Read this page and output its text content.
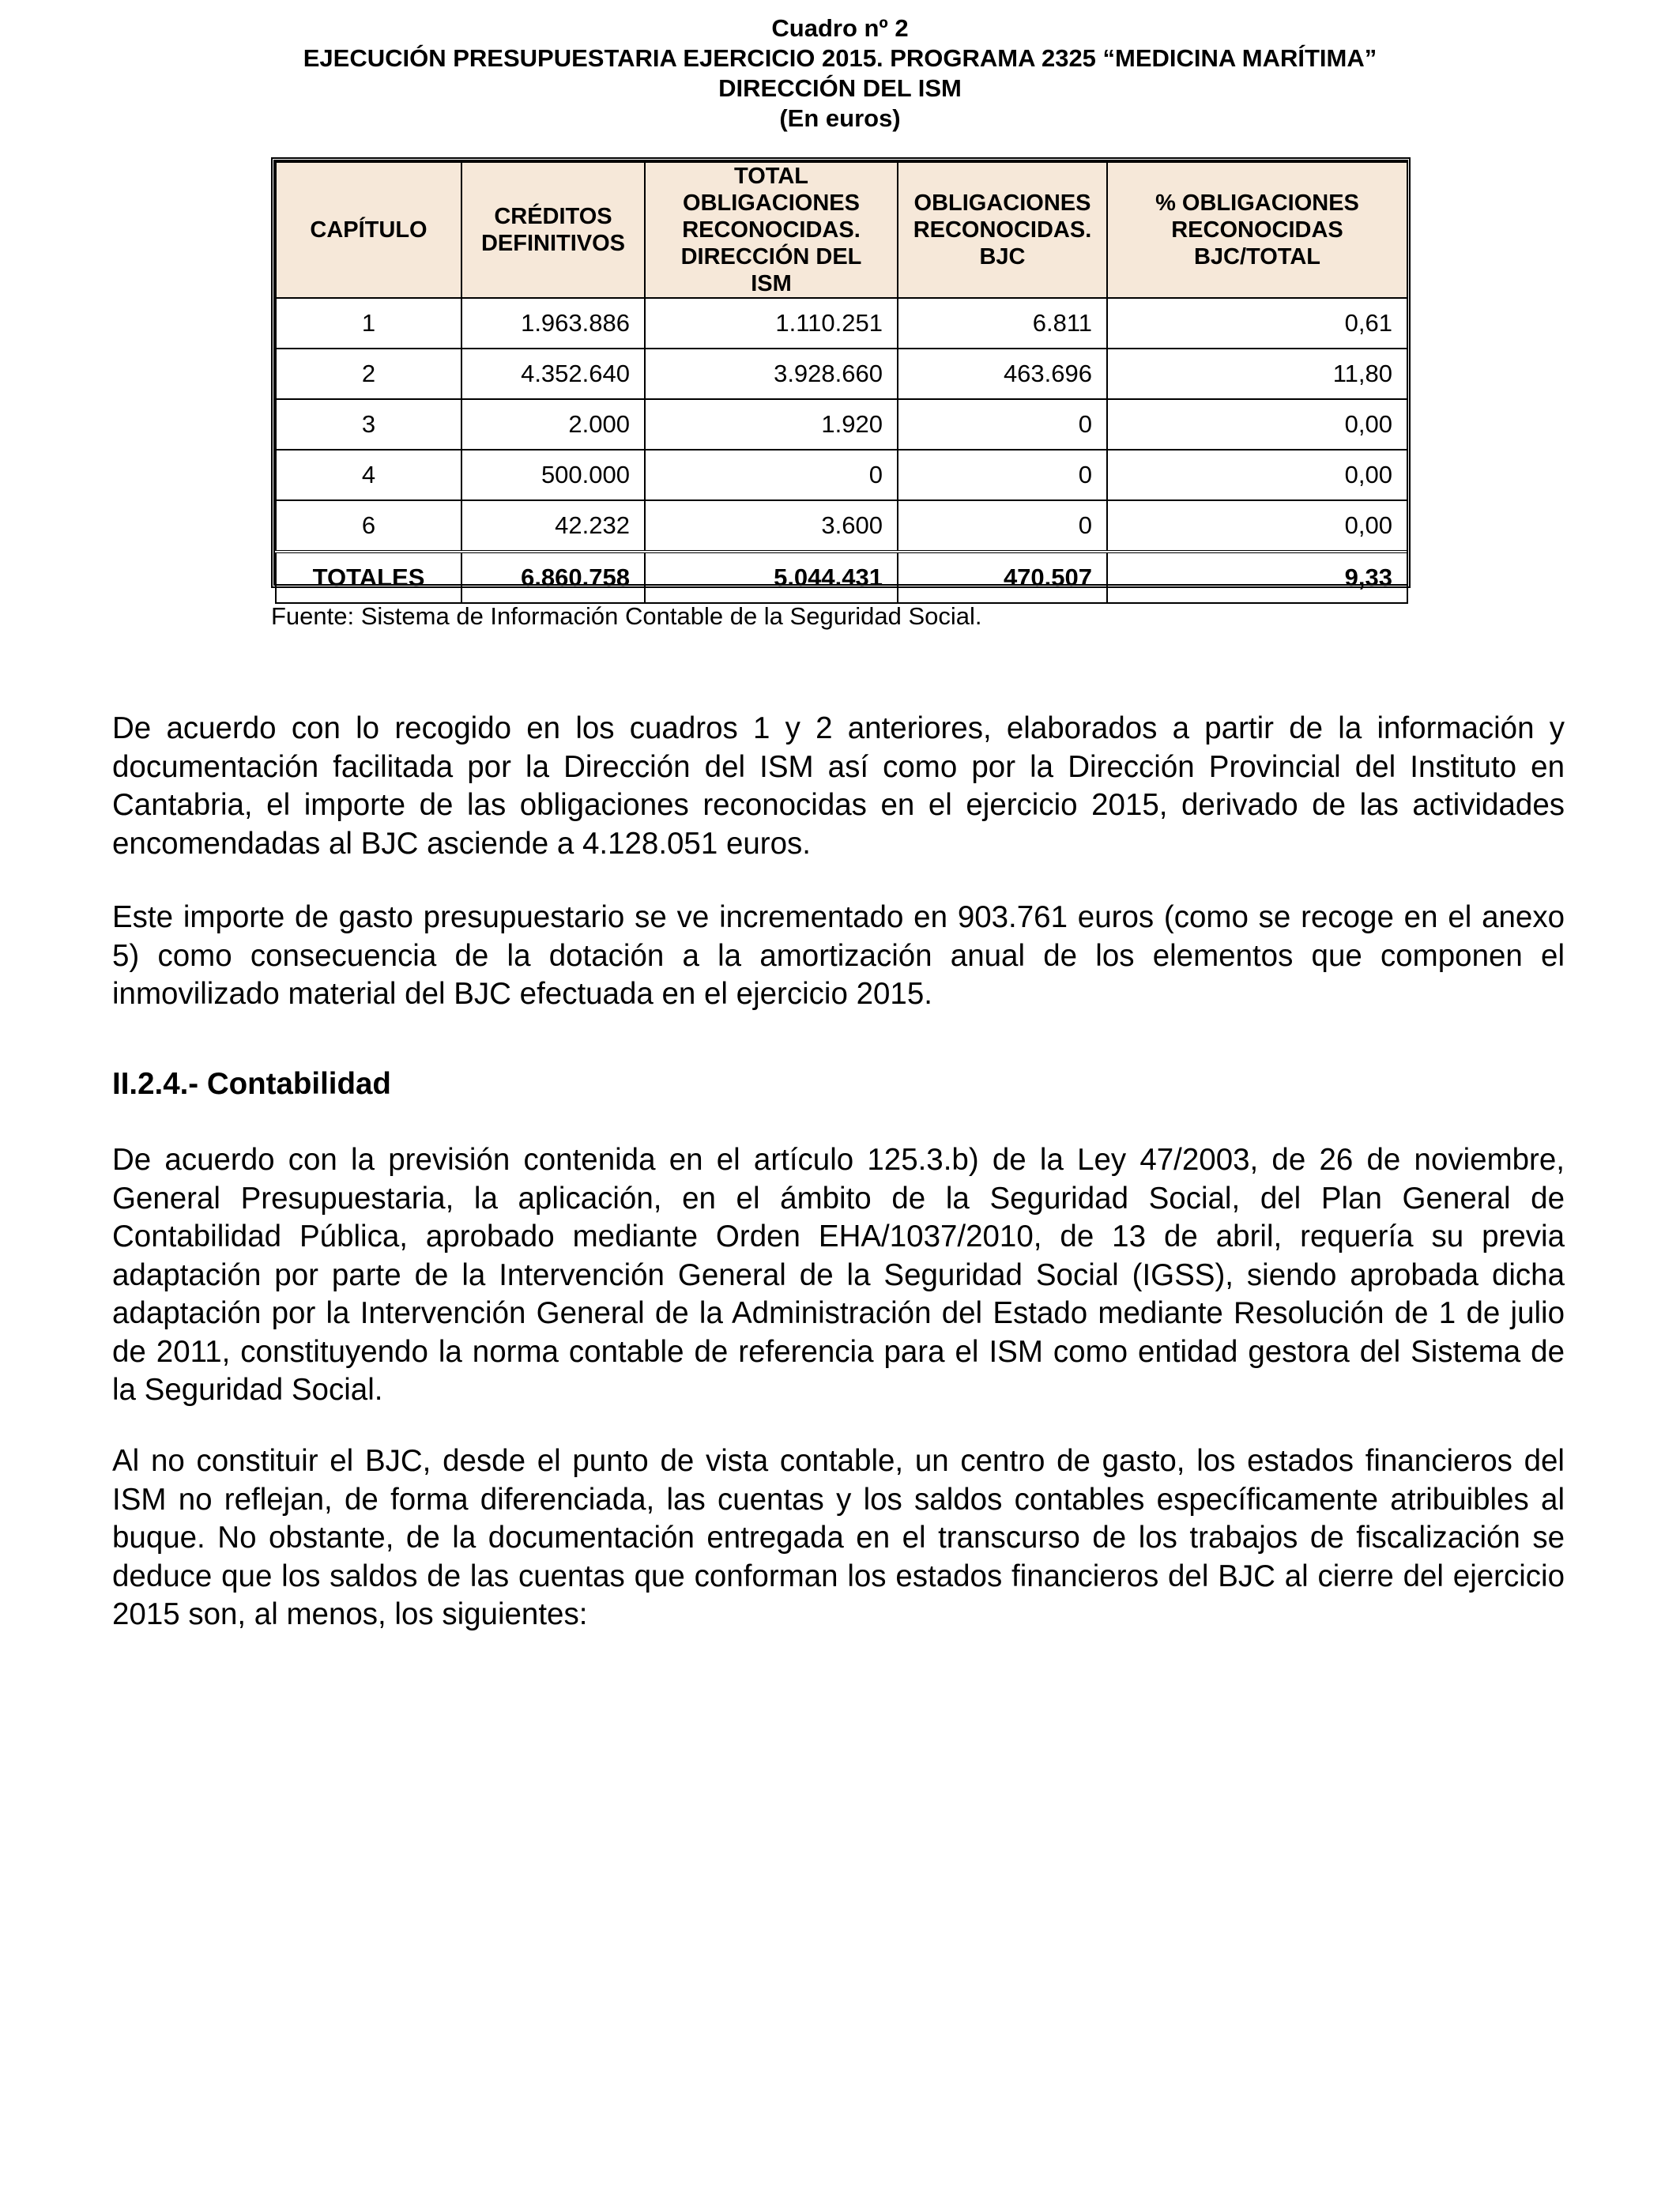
Cuadro nº 2
EJECUCIÓN PRESUPUESTARIA EJERCICIO 2015. PROGRAMA 2325 “MEDICINA MARÍTIMA”
DIRECCIÓN DEL ISM
(En euros)
CAPÍTULO	CRÉDITOS DEFINITIVOS	TOTAL OBLIGACIONES RECONOCIDAS. DIRECCIÓN DEL ISM	OBLIGACIONES RECONOCIDAS. BJC	% OBLIGACIONES RECONOCIDAS BJC/TOTAL
1	1.963.886	1.110.251	6.811	0,61
2	4.352.640	3.928.660	463.696	11,80
3	2.000	1.920	0	0,00
4	500.000	0	0	0,00
6	42.232	3.600	0	0,00
TOTALES	6.860.758	5.044.431	470.507	9,33
Fuente: Sistema de Información Contable de la Seguridad Social.
De acuerdo con lo recogido en los cuadros 1 y 2 anteriores, elaborados a partir de la información y documentación facilitada por la Dirección del ISM así como por la Dirección Provincial del Instituto en Cantabria, el importe de las obligaciones reconocidas en el ejercicio 2015, derivado de las actividades encomendadas al BJC asciende a 4.128.051 euros.
Este importe de gasto presupuestario se ve incrementado en 903.761 euros (como se recoge en el anexo 5) como consecuencia de la dotación a la amortización anual de los elementos que componen el inmovilizado material del BJC efectuada en el ejercicio 2015.
II.2.4.- Contabilidad
De acuerdo con la previsión contenida en el artículo 125.3.b) de la Ley 47/2003, de 26 de noviembre, General Presupuestaria, la aplicación, en el ámbito de la Seguridad Social, del Plan General de Contabilidad Pública, aprobado mediante Orden EHA/1037/2010, de 13 de abril, requería su previa adaptación por parte de la Intervención General de la Seguridad Social (IGSS), siendo aprobada dicha adaptación por la Intervención General de la Administración del Estado mediante Resolución de 1 de julio de 2011, constituyendo la norma contable de referencia para el ISM como entidad gestora del Sistema de la Seguridad Social.
Al no constituir el BJC, desde el punto de vista contable, un centro de gasto, los estados financieros del ISM no reflejan, de forma diferenciada, las cuentas y los saldos contables específicamente atribuibles al buque. No obstante, de la documentación entregada en el transcurso de los trabajos de fiscalización se deduce que los saldos de las cuentas que conforman los estados financieros del BJC al cierre del ejercicio 2015 son, al menos, los siguientes:
